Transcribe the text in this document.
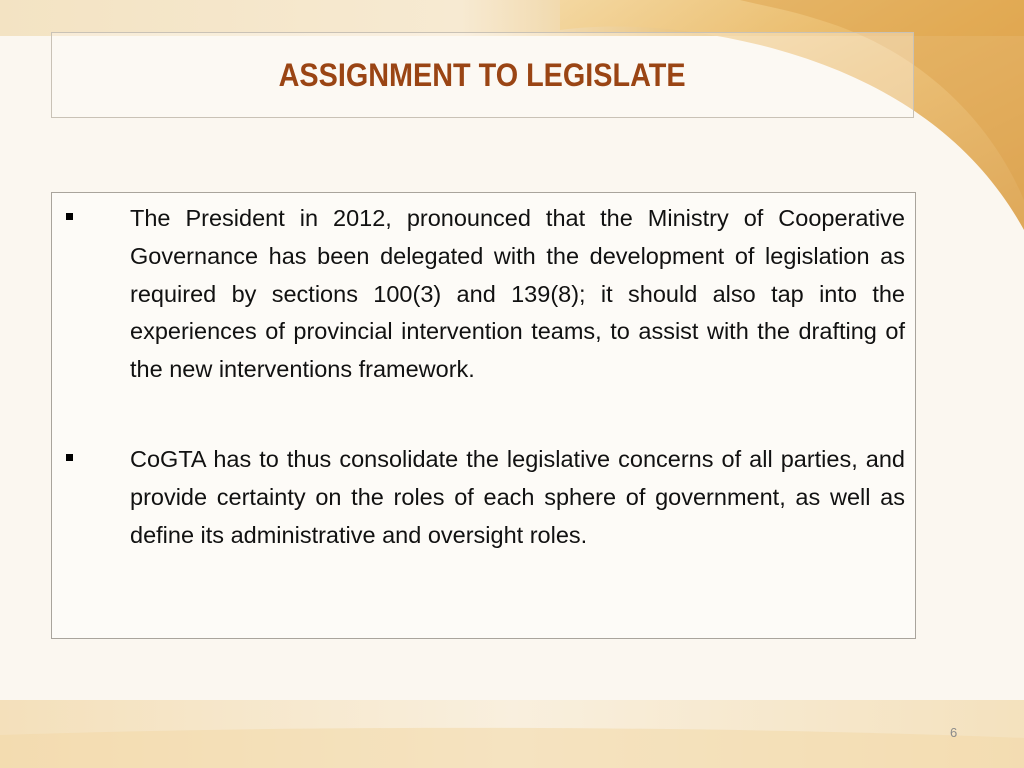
ASSIGNMENT TO LEGISLATE

The President in 2012, pronounced that the Ministry of Cooperative Governance has been delegated with the development of legislation as required by sections 100(3) and 139(8); it should also tap into the experiences of provincial intervention teams, to assist with the drafting of the new interventions framework.

CoGTA has to thus consolidate the legislative concerns of all parties, and provide certainty on the roles of each sphere of government, as well as define its administrative and oversight roles.

6
